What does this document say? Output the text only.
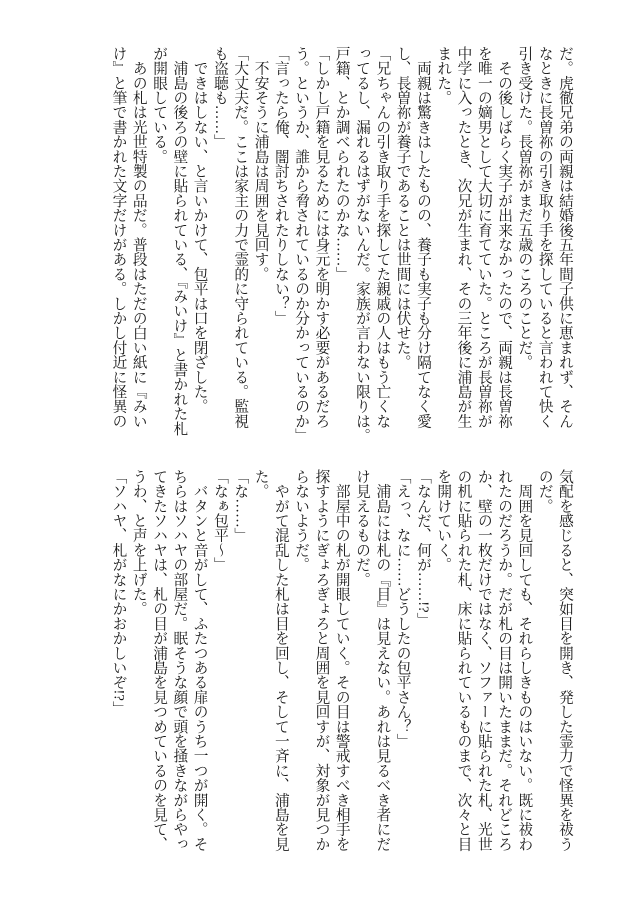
だ。虎徹兄弟の両親は結婚後五年間子供に恵まれず、そん
なときに長曽祢の引き取り手を探していると言われて快く
引き受けた。長曽祢がまだ五歳のころのことだ。
　その後しばらく実子が出来なかったので、両親は長曽祢
を唯一の嫡男として大切に育てていた。ところが長曽祢が
中学に入ったとき、次兄が生まれ、その三年後に浦島が生
まれた。
　両親は驚きはしたものの、養子も実子も分け隔てなく愛
し、長曽祢が養子であることは世間には伏せた。
「兄ちゃんの引き取り手を探してた親戚の人はもう亡くな
ってるし、漏れるはずがないんだ。家族が言わない限りは。
戸籍、とか調べられたのかな……」
「しかし戸籍を見るためには身元を明かす必要があるだろ
う。というか、誰から脅されているのか分かっているのか」
「言ったら俺、闇討ちされたりしない？」
　不安そうに浦島は周囲を見回す。
「大丈夫だ。ここは家主の力で霊的に守られている。監視
も盗聴も……」
　できはしない、と言いかけて、包平は口を閉ざした。
　浦島の後ろの壁に貼られている、『みいけ』と書かれた札
が開眼している。
　あの札は光世特製の品だ。普段はただの白い紙に『みい
け』と筆で書かれた文字だけがある。しかし付近に怪異の
気配を感じると、突如目を開き、発した霊力で怪異を祓う
のだ。
　周囲を見回しても、それらしきものはいない。既に祓わ
れたのだろうか。だが札の目は開いたままだ。それどころ
か、壁の一枚だけではなく、ソファーに貼られた札、光世
の机に貼られた札、床に貼られているものまで、次々と目
を開けていく。
「なんだ、何が……!?」
「えっ、なに……どうしたの包平さん？」
　浦島には札の『目』は見えない。あれは見るべき者にだ
け見えるものだ。
　部屋中の札が開眼していく。その目は警戒すべき相手を
探すようにぎょろぎょろと周囲を見回すが、対象が見つか
らないようだ。
　やがて混乱した札は目を回し、そして一斉に、浦島を見
た。
「な……」
「なぁ包平〜」
　バタンと音がして、ふたつある扉のうち一つが開く。そ
ちらはソハヤの部屋だ。眠そうな顔で頭を掻きながらやっ
てきたソハヤは、札の目が浦島を見つめているのを見て、
うわ、と声を上げた。
「ソハヤ、札がなにかおかしいぞ!?」
